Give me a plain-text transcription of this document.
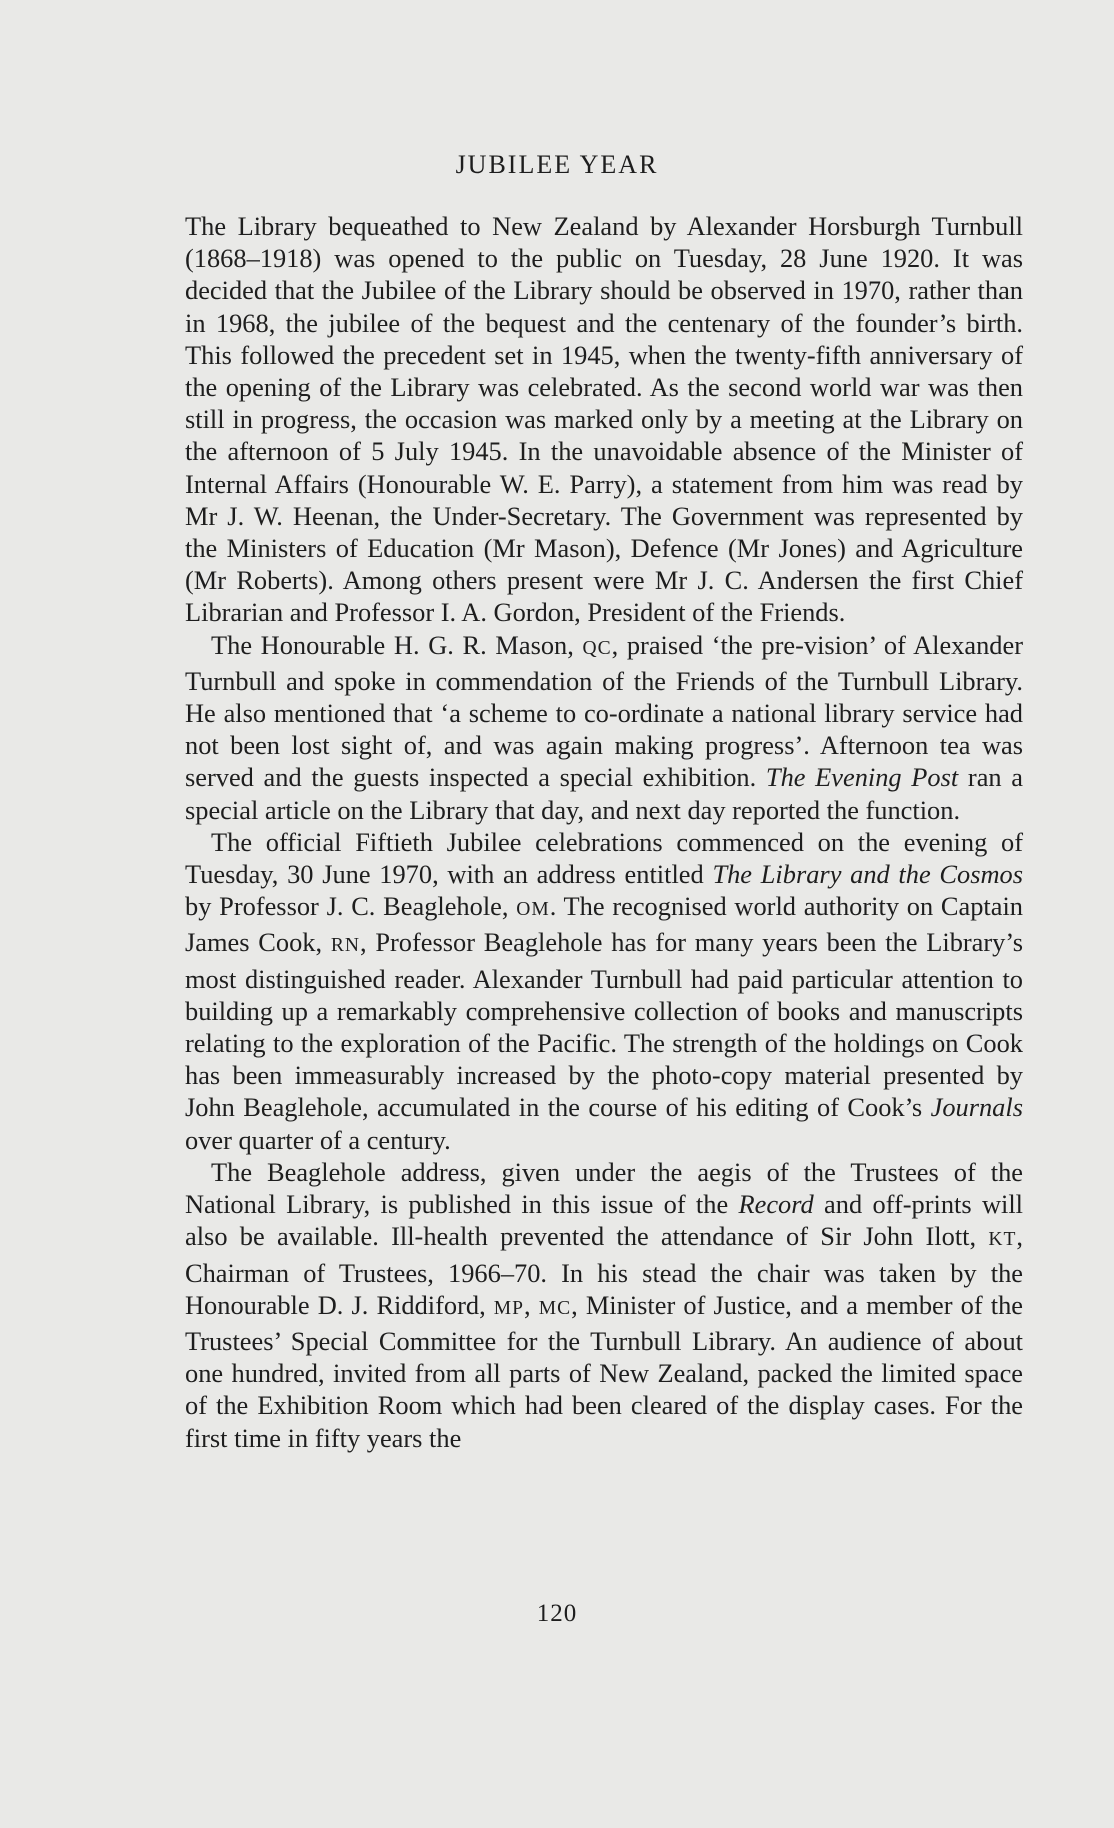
JUBILEE YEAR

The Library bequeathed to New Zealand by Alexander Horsburgh Turnbull (1868–1918) was opened to the public on Tuesday, 28 June 1920. It was decided that the Jubilee of the Library should be observed in 1970, rather than in 1968, the jubilee of the bequest and the centenary of the founder’s birth. This followed the precedent set in 1945, when the twenty-fifth anniversary of the opening of the Library was celebrated. As the second world war was then still in progress, the occasion was marked only by a meeting at the Library on the afternoon of 5 July 1945. In the unavoidable absence of the Minister of Internal Affairs (Honourable W. E. Parry), a statement from him was read by Mr J. W. Heenan, the Under-Secretary. The Government was represented by the Ministers of Education (Mr Mason), Defence (Mr Jones) and Agriculture (Mr Roberts). Among others present were Mr J. C. Andersen the first Chief Librarian and Professor I. A. Gordon, President of the Friends.

The Honourable H. G. R. Mason, QC, praised ‘the pre-vision’ of Alexander Turnbull and spoke in commendation of the Friends of the Turnbull Library. He also mentioned that ‘a scheme to co-ordinate a national library service had not been lost sight of, and was again making progress’. Afternoon tea was served and the guests inspected a special exhibition. The Evening Post ran a special article on the Library that day, and next day reported the function.

The official Fiftieth Jubilee celebrations commenced on the evening of Tuesday, 30 June 1970, with an address entitled The Library and the Cosmos by Professor J. C. Beaglehole, OM. The recognised world authority on Captain James Cook, RN, Professor Beaglehole has for many years been the Library’s most distinguished reader. Alexander Turnbull had paid particular attention to building up a remarkably comprehensive collection of books and manuscripts relating to the exploration of the Pacific. The strength of the holdings on Cook has been immeasurably increased by the photo-copy material presented by John Beaglehole, accumulated in the course of his editing of Cook’s Journals over quarter of a century.

The Beaglehole address, given under the aegis of the Trustees of the National Library, is published in this issue of the Record and off-prints will also be available. Ill-health prevented the attendance of Sir John Ilott, KT, Chairman of Trustees, 1966–70. In his stead the chair was taken by the Honourable D. J. Riddiford, MP, MC, Minister of Justice, and a member of the Trustees’ Special Committee for the Turnbull Library. An audience of about one hundred, invited from all parts of New Zealand, packed the limited space of the Exhibition Room which had been cleared of the display cases. For the first time in fifty years the

120
